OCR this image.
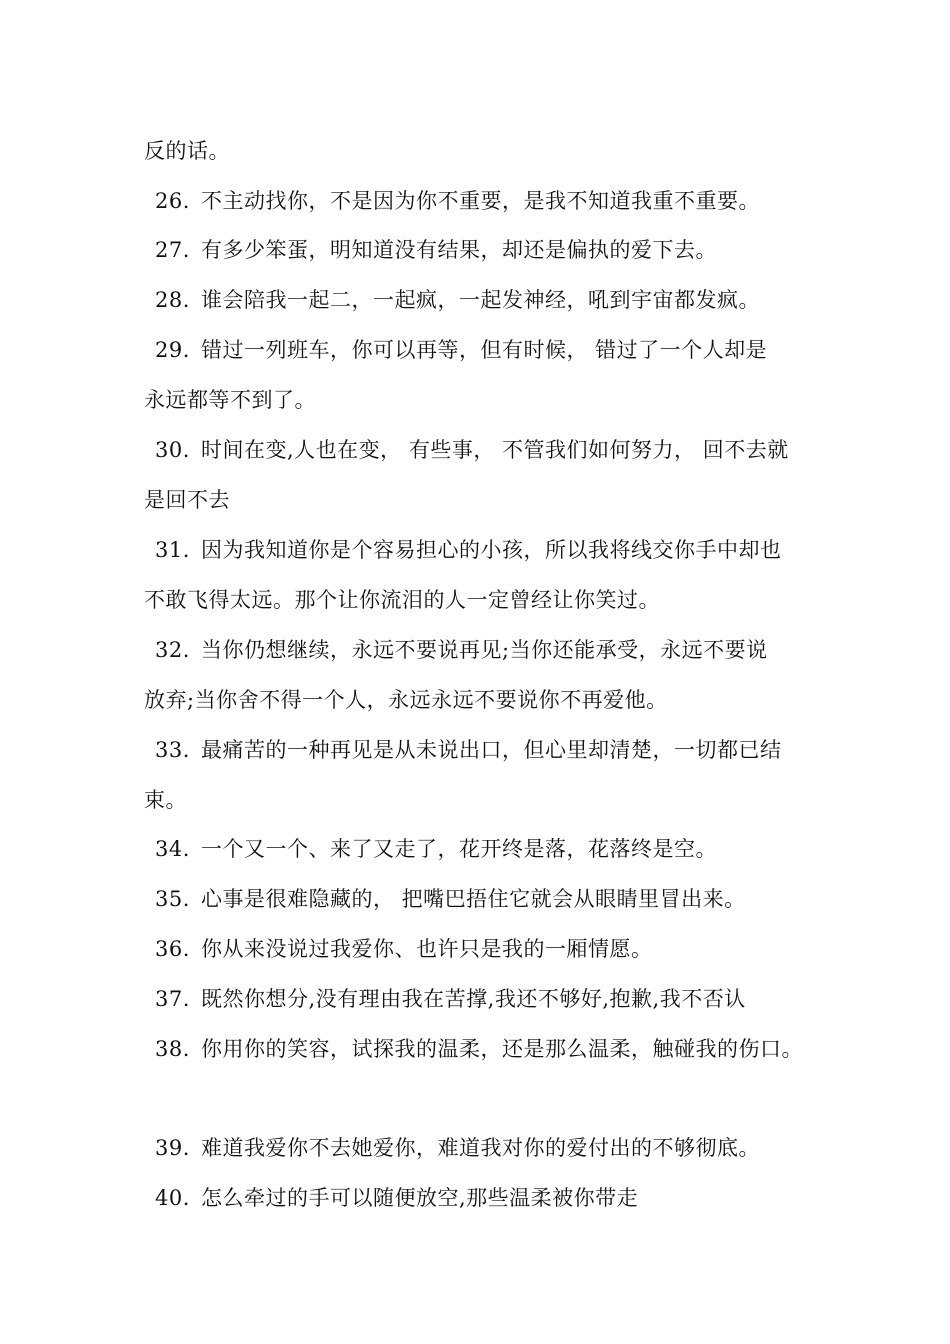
反的话。
26. 不主动找你，不是因为你不重要，是我不知道我重不重要。
27. 有多少笨蛋，明知道没有结果，却还是偏执的爱下去。
28. 谁会陪我一起二，一起疯，一起发神经，吼到宇宙都发疯。
29. 错过一列班车，你可以再等，但有时候， 错过了一个人却是
永远都等不到了。
30. 时间在变,人也在变， 有些事， 不管我们如何努力， 回不去就
是回不去
31. 因为我知道你是个容易担心的小孩，所以我将线交你手中却也
不敢飞得太远。那个让你流泪的人一定曾经让你笑过。
32. 当你仍想继续，永远不要说再见;当你还能承受，永远不要说
放弃;当你舍不得一个人，永远永远不要说你不再爱他。
33. 最痛苦的一种再见是从未说出口，但心里却清楚，一切都已结
束。
34. 一个又一个、来了又走了，花开终是落，花落终是空。
35. 心事是很难隐藏的， 把嘴巴捂住它就会从眼睛里冒出来。
36. 你从来没说过我爱你、也许只是我的一厢情愿。
37. 既然你想分,没有理由我在苦撑,我还不够好,抱歉,我不否认
38. 你用你的笑容，试探我的温柔，还是那么温柔，触碰我的伤口。
39. 难道我爱你不去她爱你，难道我对你的爱付出的不够彻底。
40. 怎么牵过的手可以随便放空,那些温柔被你带走
